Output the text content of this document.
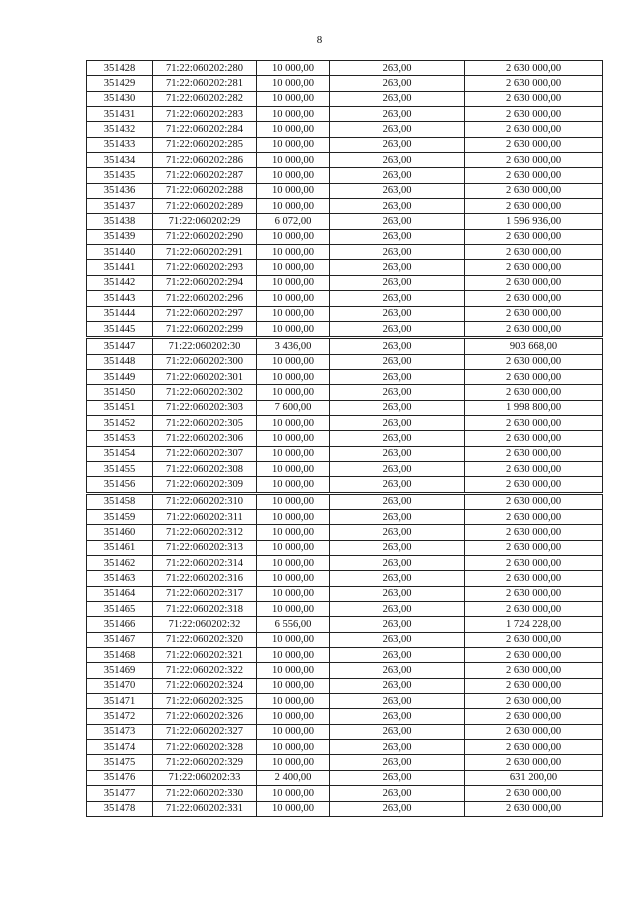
8
351428	71:22:060202:280	10 000,00	263,00	2 630 000,00
351429	71:22:060202:281	10 000,00	263,00	2 630 000,00
351430	71:22:060202:282	10 000,00	263,00	2 630 000,00
351431	71:22:060202:283	10 000,00	263,00	2 630 000,00
351432	71:22:060202:284	10 000,00	263,00	2 630 000,00
351433	71:22:060202:285	10 000,00	263,00	2 630 000,00
351434	71:22:060202:286	10 000,00	263,00	2 630 000,00
351435	71:22:060202:287	10 000,00	263,00	2 630 000,00
351436	71:22:060202:288	10 000,00	263,00	2 630 000,00
351437	71:22:060202:289	10 000,00	263,00	2 630 000,00
351438	71:22:060202:29	6 072,00	263,00	1 596 936,00
351439	71:22:060202:290	10 000,00	263,00	2 630 000,00
351440	71:22:060202:291	10 000,00	263,00	2 630 000,00
351441	71:22:060202:293	10 000,00	263,00	2 630 000,00
351442	71:22:060202:294	10 000,00	263,00	2 630 000,00
351443	71:22:060202:296	10 000,00	263,00	2 630 000,00
351444	71:22:060202:297	10 000,00	263,00	2 630 000,00
351445	71:22:060202:299	10 000,00	263,00	2 630 000,00
351447	71:22:060202:30	3 436,00	263,00	903 668,00
351448	71:22:060202:300	10 000,00	263,00	2 630 000,00
351449	71:22:060202:301	10 000,00	263,00	2 630 000,00
351450	71:22:060202:302	10 000,00	263,00	2 630 000,00
351451	71:22:060202:303	7 600,00	263,00	1 998 800,00
351452	71:22:060202:305	10 000,00	263,00	2 630 000,00
351453	71:22:060202:306	10 000,00	263,00	2 630 000,00
351454	71:22:060202:307	10 000,00	263,00	2 630 000,00
351455	71:22:060202:308	10 000,00	263,00	2 630 000,00
351456	71:22:060202:309	10 000,00	263,00	2 630 000,00
351458	71:22:060202:310	10 000,00	263,00	2 630 000,00
351459	71:22:060202:311	10 000,00	263,00	2 630 000,00
351460	71:22:060202:312	10 000,00	263,00	2 630 000,00
351461	71:22:060202:313	10 000,00	263,00	2 630 000,00
351462	71:22:060202:314	10 000,00	263,00	2 630 000,00
351463	71:22:060202:316	10 000,00	263,00	2 630 000,00
351464	71:22:060202:317	10 000,00	263,00	2 630 000,00
351465	71:22:060202:318	10 000,00	263,00	2 630 000,00
351466	71:22:060202:32	6 556,00	263,00	1 724 228,00
351467	71:22:060202:320	10 000,00	263,00	2 630 000,00
351468	71:22:060202:321	10 000,00	263,00	2 630 000,00
351469	71:22:060202:322	10 000,00	263,00	2 630 000,00
351470	71:22:060202:324	10 000,00	263,00	2 630 000,00
351471	71:22:060202:325	10 000,00	263,00	2 630 000,00
351472	71:22:060202:326	10 000,00	263,00	2 630 000,00
351473	71:22:060202:327	10 000,00	263,00	2 630 000,00
351474	71:22:060202:328	10 000,00	263,00	2 630 000,00
351475	71:22:060202:329	10 000,00	263,00	2 630 000,00
351476	71:22:060202:33	2 400,00	263,00	631 200,00
351477	71:22:060202:330	10 000,00	263,00	2 630 000,00
351478	71:22:060202:331	10 000,00	263,00	2 630 000,00
